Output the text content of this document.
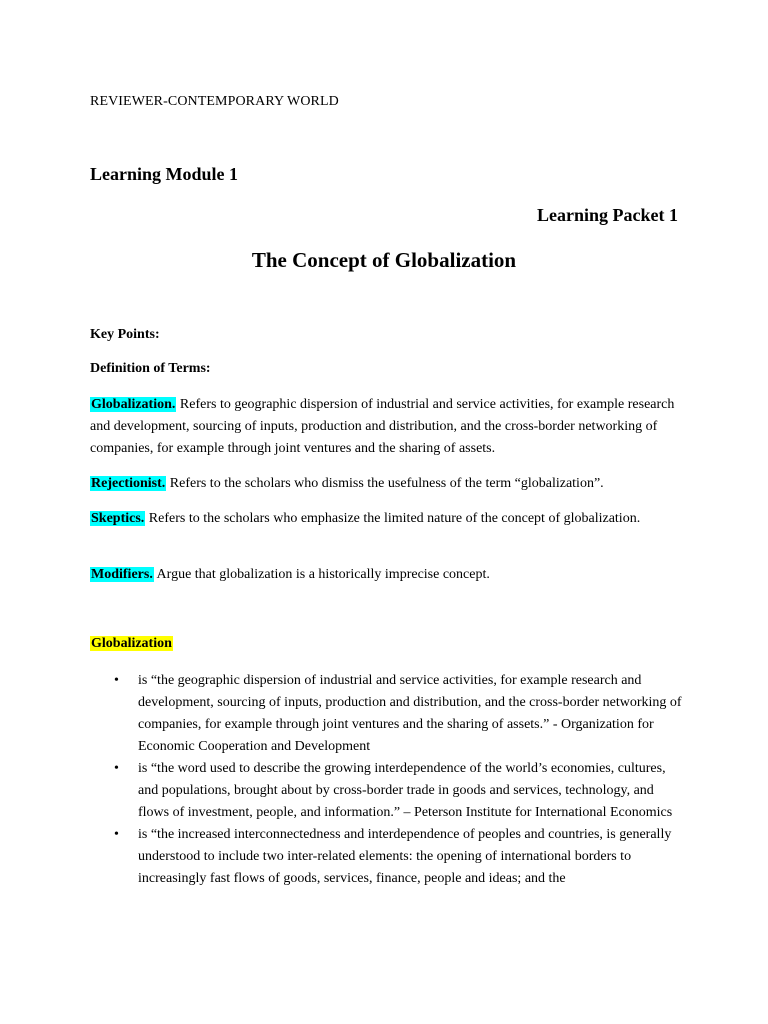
REVIEWER-CONTEMPORARY WORLD
Learning Module 1
Learning Packet 1
The Concept of Globalization
Key Points:
Definition of Terms:
Globalization. Refers to geographic dispersion of industrial and service activities, for example research and development, sourcing of inputs, production and distribution, and the cross-border networking of companies, for example through joint ventures and the sharing of assets.
Rejectionist. Refers to the scholars who dismiss the usefulness of the term “globalization”.
Skeptics. Refers to the scholars who emphasize the limited nature of the concept of globalization.
Modifiers. Argue that globalization is a historically imprecise concept.
Globalization
• is “the geographic dispersion of industrial and service activities, for example research and development, sourcing of inputs, production and distribution, and the cross-border networking of companies, for example through joint ventures and the sharing of assets.” - Organization for Economic Cooperation and Development
• is “the word used to describe the growing interdependence of the world’s economies, cultures, and populations, brought about by cross-border trade in goods and services, technology, and flows of investment, people, and information.” – Peterson Institute for International Economics
• is “the increased interconnectedness and interdependence of peoples and countries, is generally understood to include two inter-related elements: the opening of international borders to increasingly fast flows of goods, services, finance, people and ideas; and the
